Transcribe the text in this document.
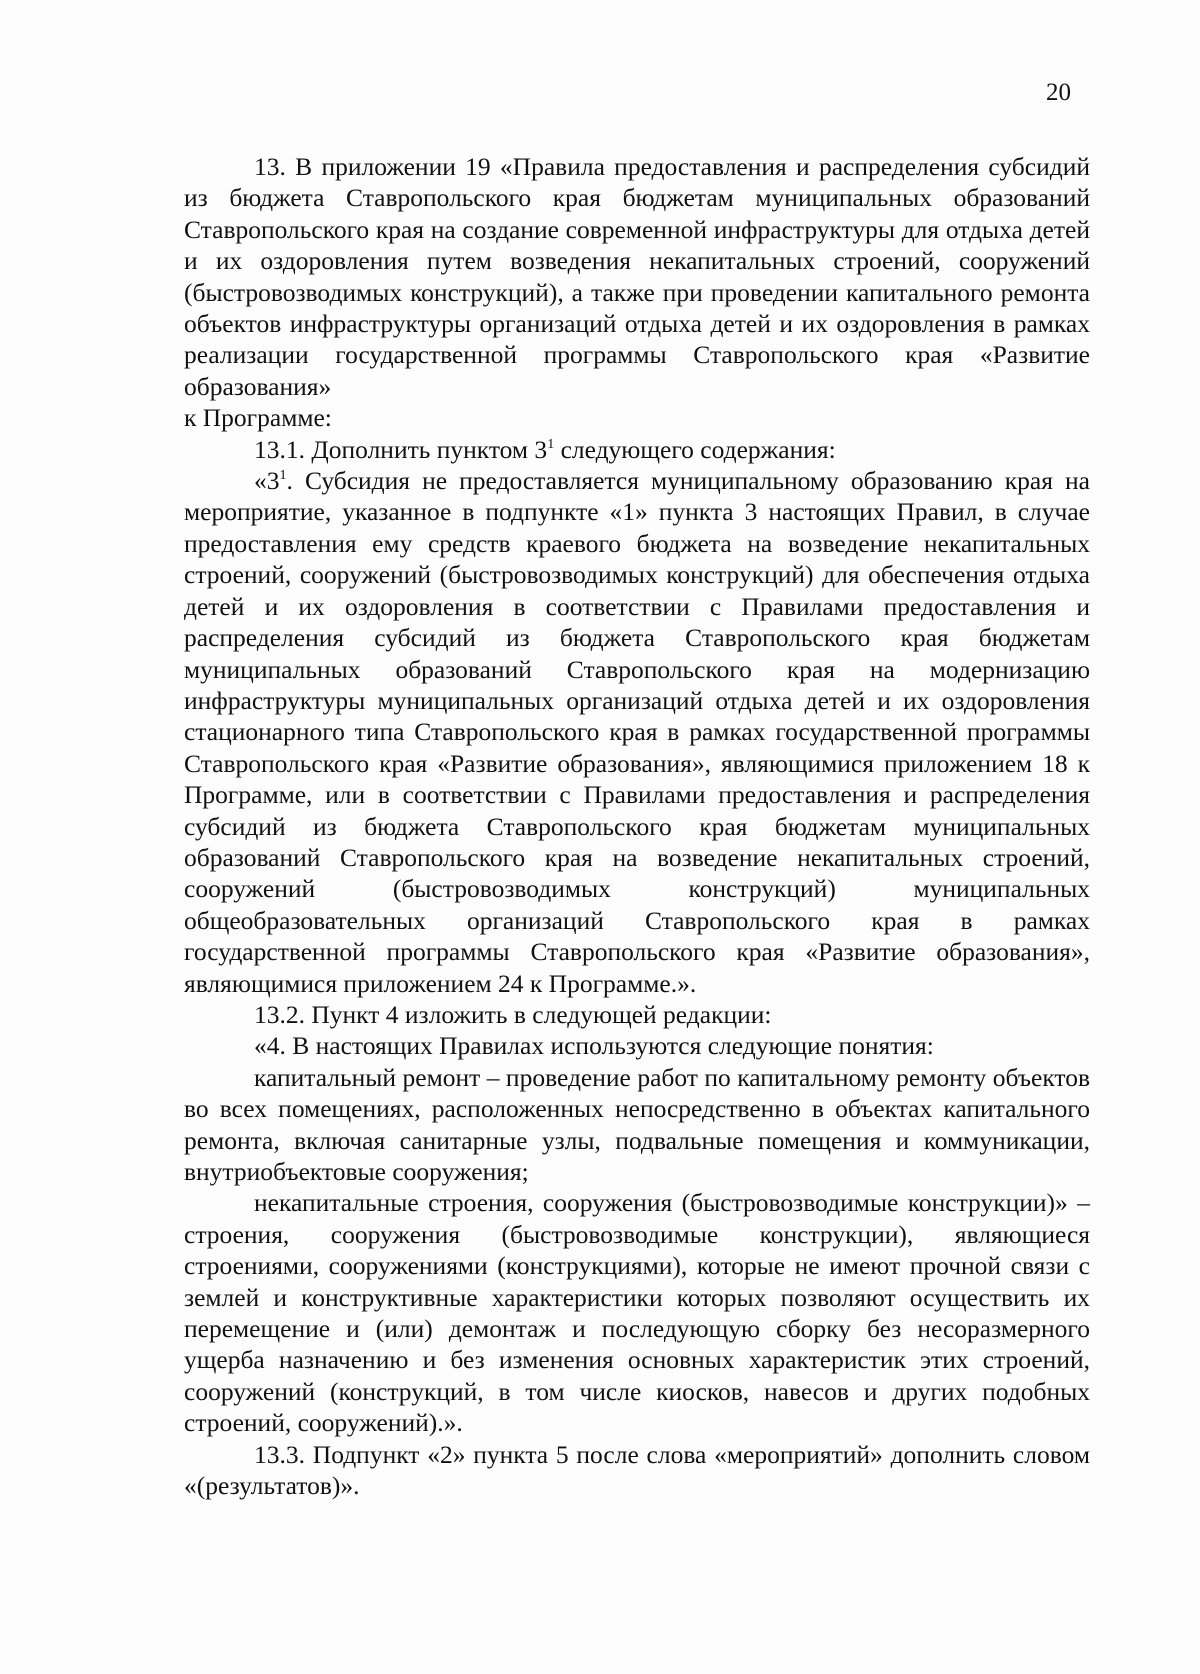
20

13. В приложении 19 «Правила предоставления и распределения субсидий из бюджета Ставропольского края бюджетам муниципальных образований Ставропольского края на создание современной инфраструктуры для отдыха детей и их оздоровления путем возведения некапитальных строений, сооружений (быстровозводимых конструкций), а также при проведении капитального ремонта объектов инфраструктуры организаций отдыха детей и их оздоровления в рамках реализации государственной программы Ставропольского края «Развитие образования»

к Программе:

13.1. Дополнить пунктом $3^1$ следующего содержания:

«$3^1$. Субсидия не предоставляется муниципальному образованию края на мероприятие, указанное в подпункте «1» пункта 3 настоящих Правил, в случае предоставления ему средств краевого бюджета на возведение некапитальных строений, сооружений (быстровозводимых конструкций) для обеспечения отдыха детей и их оздоровления в соответствии с Правилами предоставления и распределения субсидий из бюджета Ставропольского края бюджетам муниципальных образований Ставропольского края на модернизацию инфраструктуры муниципальных организаций отдыха детей и их оздоровления стационарного типа Ставропольского края в рамках государственной программы Ставропольского края «Развитие образования», являющимися приложением 18 к Программе, или в соответствии с Правилами предоставления и распределения субсидий из бюджета Ставропольского края бюджетам муниципальных образований Ставропольского края на возведение некапитальных строений, сооружений (быстровозводимых конструкций) муниципальных общеобразовательных организаций Ставропольского края в рамках государственной программы Ставропольского края «Развитие образования», являющимися приложением 24 к Программе.».

13.2. Пункт 4 изложить в следующей редакции:

«4. В настоящих Правилах используются следующие понятия:

капитальный ремонт – проведение работ по капитальному ремонту объектов во всех помещениях, расположенных непосредственно в объектах капитального ремонта, включая санитарные узлы, подвальные помещения и коммуникации, внутриобъектовые сооружения;

некапитальные строения, сооружения (быстровозводимые конструкции)» – строения, сооружения (быстровозводимые конструкции), являющиеся строениями, сооружениями (конструкциями), которые не имеют прочной связи с землей и конструктивные характеристики которых позволяют осуществить их перемещение и (или) демонтаж и последующую сборку без несоразмерного ущерба назначению и без изменения основных характеристик этих строений, сооружений (конструкций, в том числе киосков, навесов и других подобных строений, сооружений).».

13.3. Подпункт «2» пункта 5 после слова «мероприятий» дополнить словом «(результатов)».
